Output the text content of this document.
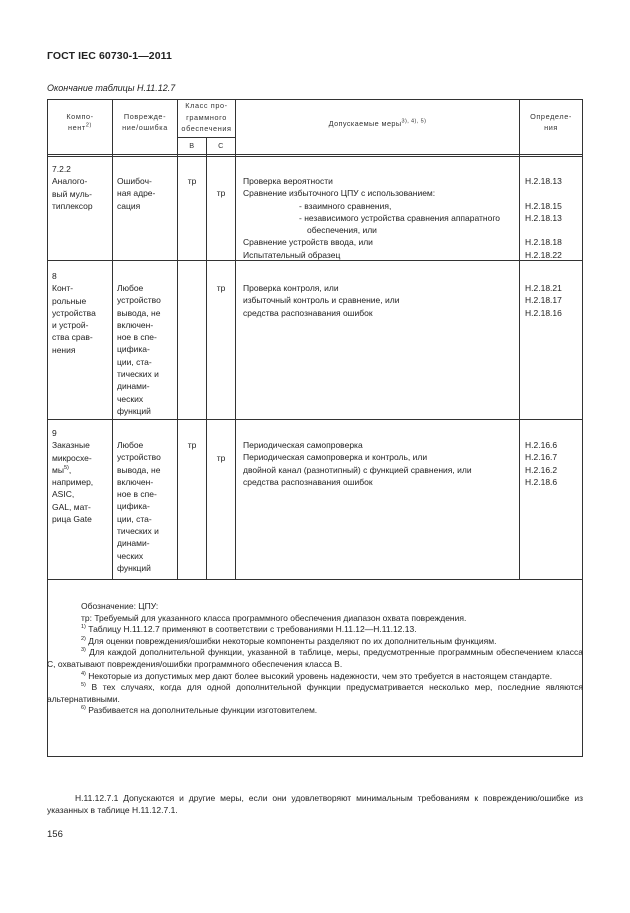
ГОСТ IEC 60730-1—2011
Окончание таблицы Н.11.12.7
Компо-
нент$^{2)}$
Поврежде-
ние/ошибка
Класс про-
граммного
обеспечения
В	С
Допускаемые меры$^{3), 4), 5)}$
Определе-
ния
7.2.2
Аналого-
вый муль-
типлексор
Ошибоч-
ная адре-
сация
тр
тр
Проверка вероятности
Сравнение избыточного ЦПУ с использованием:
- взаимного сравнения,
- независимого устройства сравнения аппаратного
обеспечения, или
Сравнение устройств ввода, или
Испытательный образец
Н.2.18.13
Н.2.18.15
Н.2.18.13
Н.2.18.18
Н.2.18.22
8
Конт-
рольные
устройства
и устрой-
ства срав-
нения
Любое
устройство
вывода, не
включен-
ное в спе-
цифика-
ции, ста-
тических и
динами-
ческих
функций
тр	Проверка контроля, или
избыточный контроль и сравнение, или
средства распознавания ошибок
Н.2.18.21
Н.2.18.17
Н.2.18.16
9
Заказные
микросхе-
$мы^{5)}$,
например,
ASIC,
GAL, мат-
рица Gate
Любое
устройство
вывода, не
включен-
ное в спе-
цифика-
ции, ста-
тических и
динами-
ческих
функций
тр
тр
Периодическая самопроверка
Периодическая самопроверка и контроль, или
двойной канал (разнотипный) с функцией сравнения, или
средства распознавания ошибок
Н.2.16.6
Н.2.16.7
Н.2.16.2
Н.2.18.6

Обозначение: ЦПУ:

тр: Требуемый для указанного класса программного обеспечения диапазон охвата повреждения.

$^{1)}$ Таблицу Н.11.12.7 применяют в соответствии с требованиями Н.11.12—Н.11.12.13.

$^{2)}$ Для оценки повреждения/ошибки некоторые компоненты разделяют по их дополнительным функциям.

$^{3)}$ Для каждой дополнительной функции, указанной в таблице, меры, предусмотренные программным обеспечением класса С, охватывают повреждения/ошибки программного обеспечения класса В.

$^{4)}$ Некоторые из допустимых мер дают более высокий уровень надежности, чем это требуется в настоящем стандарте.

$^{5)}$ В тех случаях, когда для одной дополнительной функции предусматривается несколько мер, последние являются альтернативными.

$^{6)}$ Разбивается на дополнительные функции изготовителем.

Н.11.12.7.1 Допускаются и другие меры, если они удовлетворяют минимальным требованиям к повреждению/ошибке из указанных в таблице Н.11.12.7.1.
156
